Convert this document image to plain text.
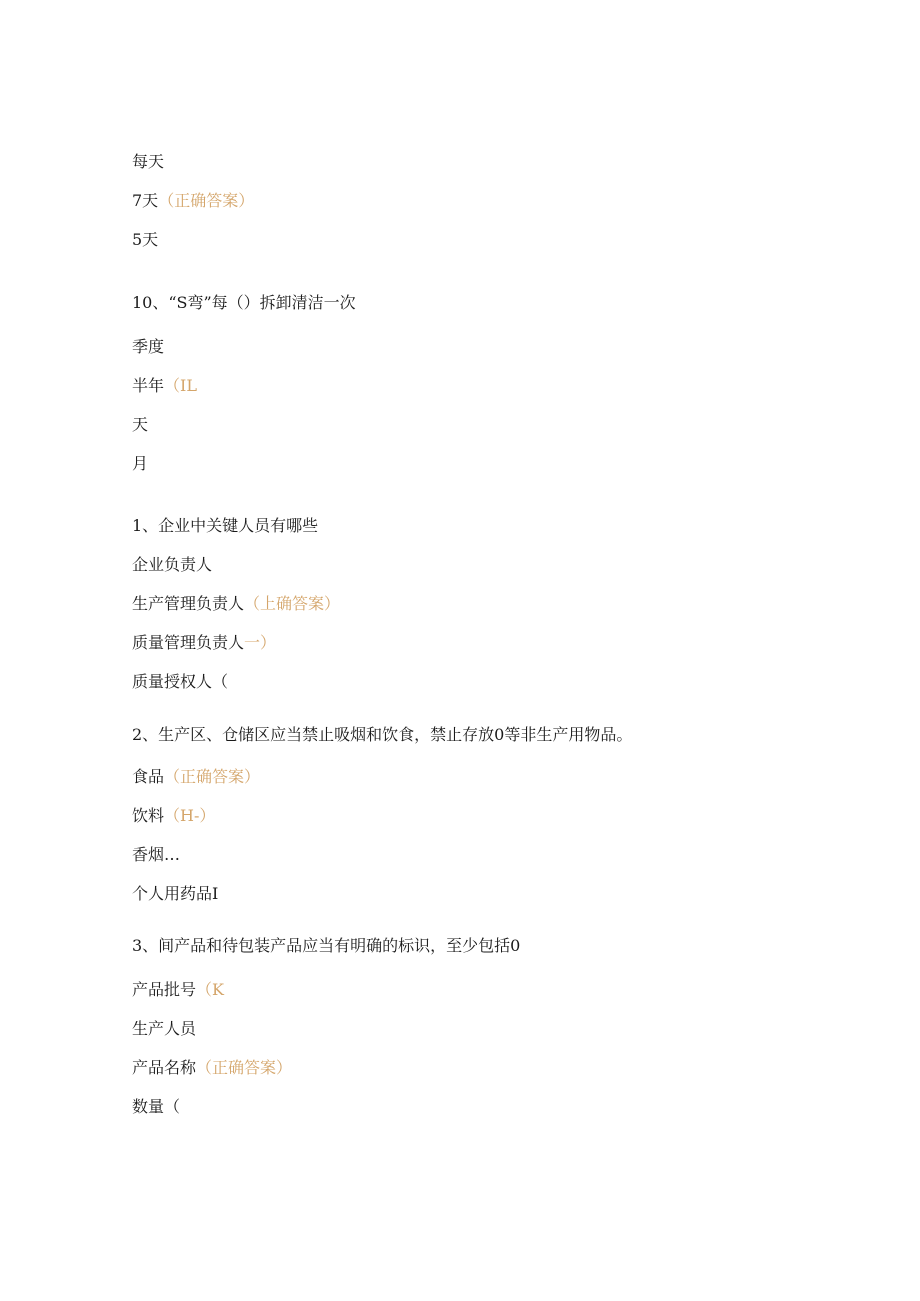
每天
7天（正确答案）
5天
10、“S弯”每（）拆卸清洁一次
季度
半年（IL
天
月
1、企业中关键人员有哪些
企业负责人
生产管理负责人（上确答案）
质量管理负责人一）
质量授权人（
2、生产区、仓储区应当禁止吸烟和饮食，禁止存放0等非生产用物品。
食品（正确答案）
饮料（H-）
香烟…
个人用药品I
3、间产品和待包装产品应当有明确的标识，至少包括0
产品批号（K
生产人员
产品名称（正确答案）
数量（
